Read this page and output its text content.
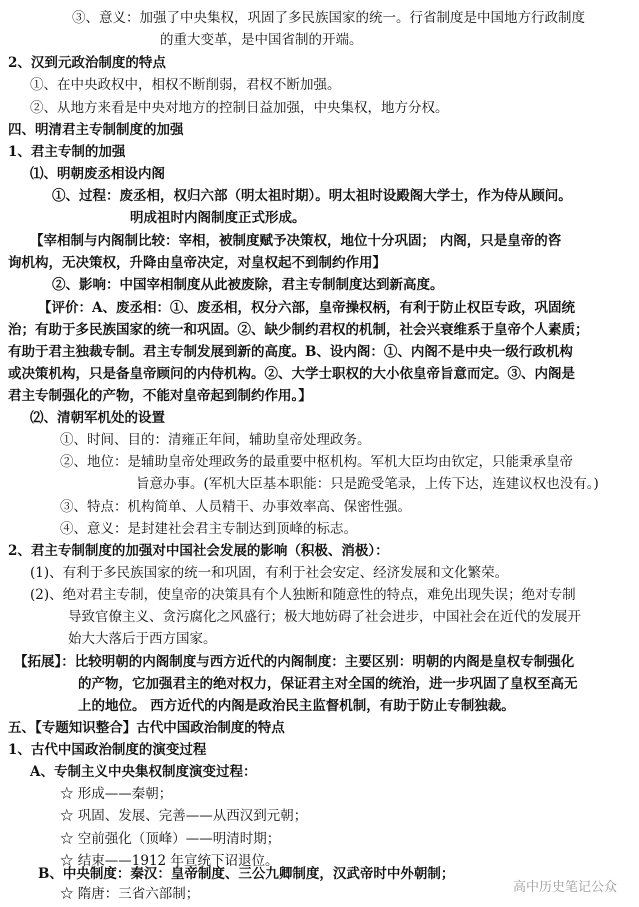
③、意义：加强了中央集权，巩固了多民族国家的统一。行省制度是中国地方行政制度
的重大变革，是中国省制的开端。
2、汉到元政治制度的特点
①、在中央政权中，相权不断削弱，君权不断加强。
②、从地方来看是中央对地方的控制日益加强，中央集权，地方分权。
四、明清君主专制制度的加强
1、君主专制的加强
⑴、明朝废丞相设内阁
①、过程：废丞相，权归六部（明太祖时期）。明太祖时设殿阁大学士，作为侍从顾问。
明成祖时内阁制度正式形成。
【宰相制与内阁制比较：宰相，被制度赋予决策权，地位十分巩固； 内阁，只是皇帝的咨
询机构，无决策权，升降由皇帝决定，对皇权起不到制约作用】
②、影响：中国宰相制度从此被废除，君主专制制度达到新高度。
【评价：A、废丞相：①、废丞相，权分六部，皇帝操权柄，有利于防止权臣专政，巩固统
治；有助于多民族国家的统一和巩固。②、缺少制约君权的机制，社会兴衰维系于皇帝个人素质；
有助于君主独裁专制。君主专制发展到新的高度。B、设内阁：①、内阁不是中央一级行政机构
或决策机构，只是备皇帝顾问的内侍机构。②、大学士职权的大小依皇帝旨意而定。③、内阁是
君主专制强化的产物，不能对皇帝起到制约作用。】
⑵、清朝军机处的设置
①、时间、目的：清雍正年间，辅助皇帝处理政务。
②、地位：是辅助皇帝处理政务的最重要中枢机构。军机大臣均由钦定，只能秉承皇帝
旨意办事。(军机大臣基本职能：只是跪受笔录，上传下达，连建议权也没有。)
③、特点：机构简单、人员精干、办事效率高、保密性强。
④、意义：是封建社会君主专制达到顶峰的标志。
2、君主专制制度的加强对中国社会发展的影响（积极、消极）：
(1)、有利于多民族国家的统一和巩固，有利于社会安定、经济发展和文化繁荣。
(2)、绝对君主专制，使皇帝的决策具有个人独断和随意性的特点，难免出现失误；绝对专制
导致官僚主义、贪污腐化之风盛行；极大地妨碍了社会进步，中国社会在近代的发展开
始大大落后于西方国家。
【拓展】：比较明朝的内阁制度与西方近代的内阁制度：主要区别：明朝的内阁是皇权专制强化
的产物，它加强君主的绝对权力，保证君主对全国的统治，进一步巩固了皇权至高无
上的地位。 西方近代的内阁是政治民主监督机制，有助于防止专制独裁。
五、【专题知识整合】古代中国政治制度的特点
1、古代中国政治制度的演变过程
A、专制主义中央集权制度演变过程：
☆ 形成——秦朝；
☆ 巩固、发展、完善——从西汉到元朝；
☆ 空前强化（顶峰）——明清时期；
☆ 结束——1912 年宣统下诏退位。
B、中央制度：秦汉：皇帝制度、三公九卿制度，汉武帝时中外朝制；
☆ 隋唐：三省六部制；	高中历史笔记公众
